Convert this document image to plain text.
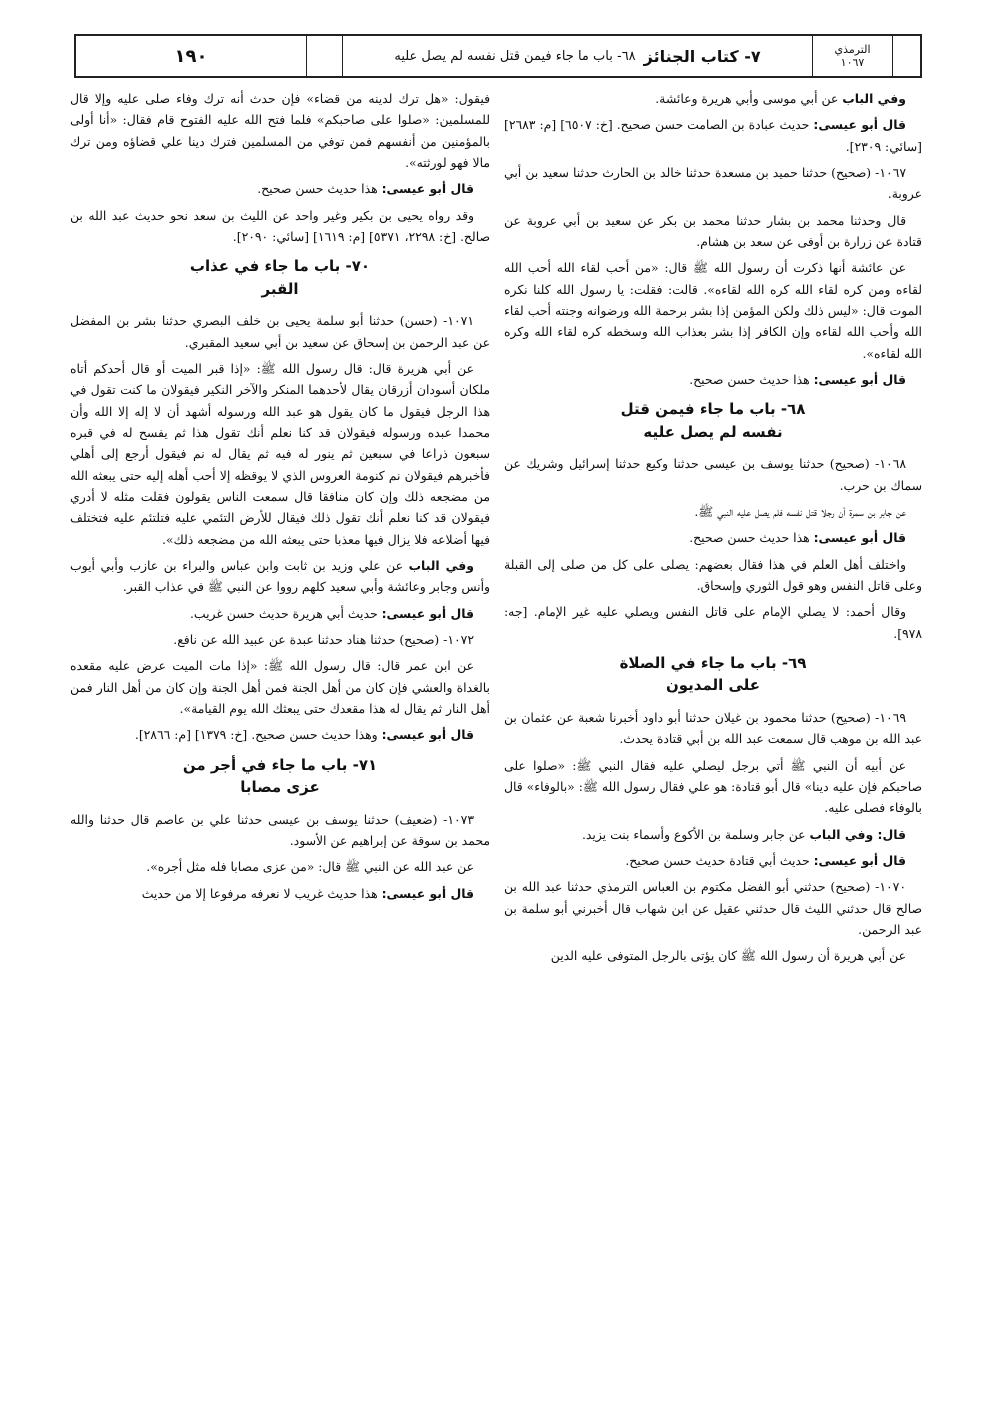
١٩٠	٧- كتاب الجنائز
٦٨- باب ما جاء فيمن قتل نفسه لم يصل عليه	الترمذي
١٠٦٧

وفي الباب عن أبي موسى وأبي هريرة وعائشة.

قال أبو عيسى: حديث عبادة بن الصامت حسن صحيح. [خ: ٦٥٠٧] [م: ٢٦٨٣] [سائي: ٢٣٠٩].

١٠٦٧- (صحيح) حدثنا حميد بن مسعدة حدثنا خالد بن الحارث حدثنا سعيد بن أبي عروبة.

قال وحدثنا محمد بن بشار حدثنا محمد بن بكر عن سعيد بن أبي عروبة عن قتادة عن زرارة بن أوفى عن سعد بن هشام.

عن عائشة أنها ذكرت أن رسول الله ﷺ قال: «من أحب لقاء الله أحب الله لقاءه ومن كره لقاء الله كره الله لقاءه». قالت: فقلت: يا رسول الله كلنا نكره الموت قال: «ليس ذلك ولكن المؤمن إذا بشر برحمة الله ورضوانه وجنته أحب لقاء الله وأحب الله لقاءه وإن الكافر إذا بشر بعذاب الله وسخطه كره لقاء الله وكره الله لقاءه».

قال أبو عيسى: هذا حديث حسن صحيح.

٦٨- باب ما جاء فيمن قتل
نفسه لم يصل عليه

١٠٦٨- (صحيح) حدثنا يوسف بن عيسى حدثنا وكيع حدثنا إسرائيل وشريك عن سماك بن حرب.

عن جابر بن سمرة أن رجلا قتل نفسه فلم يصل عليه النبي ﷺ.

قال أبو عيسى: هذا حديث حسن صحيح.

واختلف أهل العلم في هذا فقال بعضهم: يصلى على كل من صلى إلى القبلة وعلى قاتل النفس وهو قول الثوري وإسحاق.

وقال أحمد: لا يصلي الإمام على قاتل النفس ويصلي عليه غير الإمام. [جه: ٩٧٨].

٦٩- باب ما جاء في الصلاة
على المديون

١٠٦٩- (صحيح) حدثنا محمود بن غيلان حدثنا أبو داود أخبرنا شعبة عن عثمان بن عبد الله بن موهب قال سمعت عبد الله بن أبي قتادة يحدث.

عن أبيه أن النبي ﷺ أتي برجل ليصلي عليه فقال النبي ﷺ: «صلوا على صاحبكم فإن عليه دينا» قال أبو قتادة: هو علي فقال رسول الله ﷺ: «بالوفاء» قال بالوفاء فصلى عليه.

قال: وفي الباب عن جابر وسلمة بن الأكوع وأسماء بنت يزيد.

قال أبو عيسى: حديث أبي قتادة حديث حسن صحيح.

١٠٧٠- (صحيح) حدثني أبو الفضل مكتوم بن العباس الترمذي حدثنا عبد الله بن صالح قال حدثني الليث قال حدثني عقيل عن ابن شهاب قال أخبرني أبو سلمة بن عبد الرحمن.

عن أبي هريرة أن رسول الله ﷺ كان يؤتى بالرجل المتوفى عليه الدين

فيقول: «هل ترك لدينه من قضاء» فإن حدث أنه ترك وفاء صلى عليه وإلا قال للمسلمين: «صلوا على صاحبكم» فلما فتح الله عليه الفتوح قام فقال: «أنا أولى بالمؤمنين من أنفسهم فمن توفي من المسلمين فترك دينا علي قضاؤه ومن ترك مالا فهو لورثته».

قال أبو عيسى: هذا حديث حسن صحيح.

وقد رواه يحيى بن بكير وغير واحد عن الليث بن سعد نحو حديث عبد الله بن صالح. [خ: ٢٢٩٨، ٥٣٧١] [م: ١٦١٩] [سائي: ٢٠٩٠].

٧٠- باب ما جاء في عذاب
القبر

١٠٧١- (حسن) حدثنا أبو سلمة يحيى بن خلف البصري حدثنا بشر بن المفضل عن عبد الرحمن بن إسحاق عن سعيد بن أبي سعيد المقبري.

عن أبي هريرة قال: قال رسول الله ﷺ: «إذا قبر الميت أو قال أحدكم أتاه ملكان أسودان أزرقان يقال لأحدهما المنكر والآخر النكير فيقولان ما كنت تقول في هذا الرجل فيقول ما كان يقول هو عبد الله ورسوله أشهد أن لا إله إلا الله وأن محمدا عبده ورسوله فيقولان قد كنا نعلم أنك تقول هذا ثم يفسح له في قبره سبعون ذراعا في سبعين ثم ينور له فيه ثم يقال له نم فيقول أرجع إلى أهلي فأخبرهم فيقولان نم كنومة العروس الذي لا يوقظه إلا أحب أهله إليه حتى يبعثه الله من مضجعه ذلك وإن كان منافقا قال سمعت الناس يقولون فقلت مثله لا أدري فيقولان قد كنا نعلم أنك تقول ذلك فيقال للأرض التئمي عليه فتلتئم عليه فتختلف فيها أضلاعه فلا يزال فيها معذبا حتى يبعثه الله من مضجعه ذلك».

وفي الباب عن علي وزيد بن ثابت وابن عباس والبراء بن عازب وأبي أيوب وأنس وجابر وعائشة وأبي سعيد كلهم رووا عن النبي ﷺ في عذاب القبر.

قال أبو عيسى: حديث أبي هريرة حديث حسن غريب.

١٠٧٢- (صحيح) حدثنا هناد حدثنا عبدة عن عبيد الله عن نافع.

عن ابن عمر قال: قال رسول الله ﷺ: «إذا مات الميت عرض عليه مقعده بالغداة والعشي فإن كان من أهل الجنة فمن أهل الجنة وإن كان من أهل النار فمن أهل النار ثم يقال له هذا مقعدك حتى يبعثك الله يوم القيامة».

قال أبو عيسى: وهذا حديث حسن صحيح. [خ: ١٣٧٩] [م: ٢٨٦٦].

٧١- باب ما جاء في أجر من
عزى مصابا

١٠٧٣- (ضعيف) حدثنا يوسف بن عيسى حدثنا علي بن عاصم قال حدثنا والله محمد بن سوقة عن إبراهيم عن الأسود.

عن عبد الله عن النبي ﷺ قال: «من عزى مصابا فله مثل أجره».

قال أبو عيسى: هذا حديث غريب لا نعرفه مرفوعا إلا من حديث
